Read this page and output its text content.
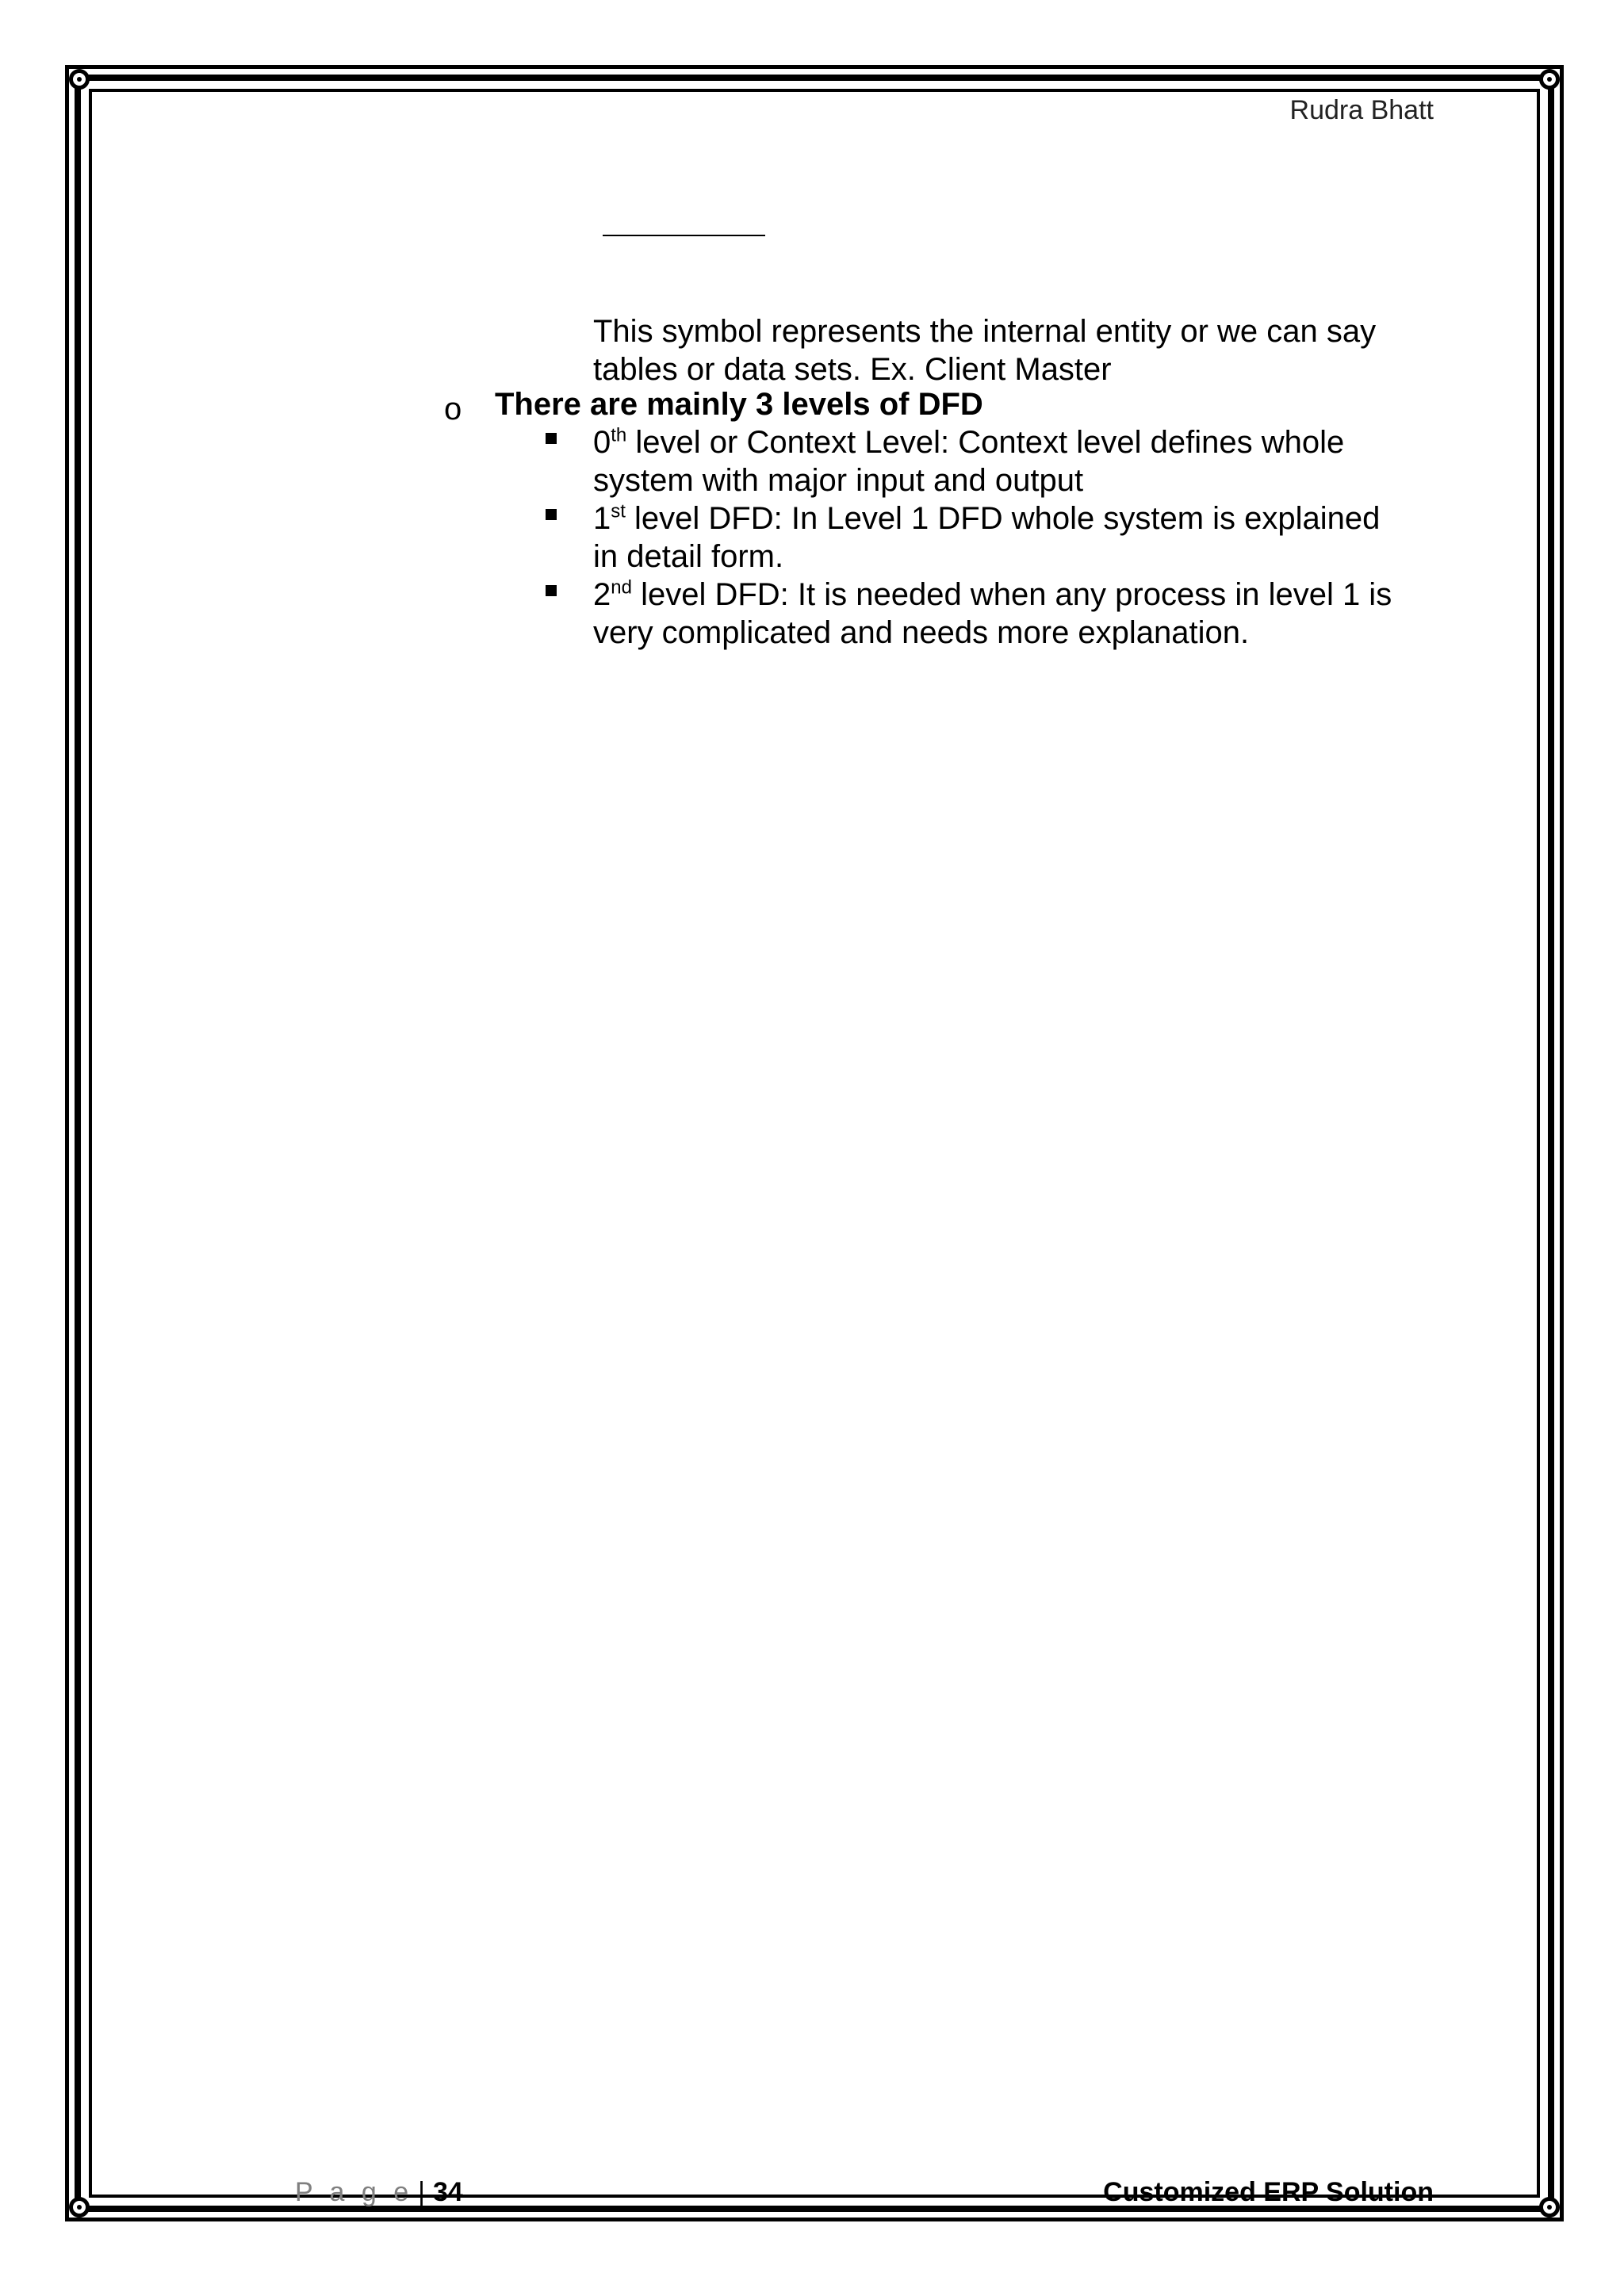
Rudra Bhatt
This symbol represents the internal entity or we can say
tables or data sets. Ex. Client Master
o There are mainly 3 levels of DFD
0th level or Context Level: Context level defines whole
system with major input and output
1st level DFD: In Level 1 DFD whole system is explained
in detail form.
2nd level DFD: It is needed when any process in level 1 is
very complicated and needs more explanation.
P a g e | 34	Customized ERP Solution
